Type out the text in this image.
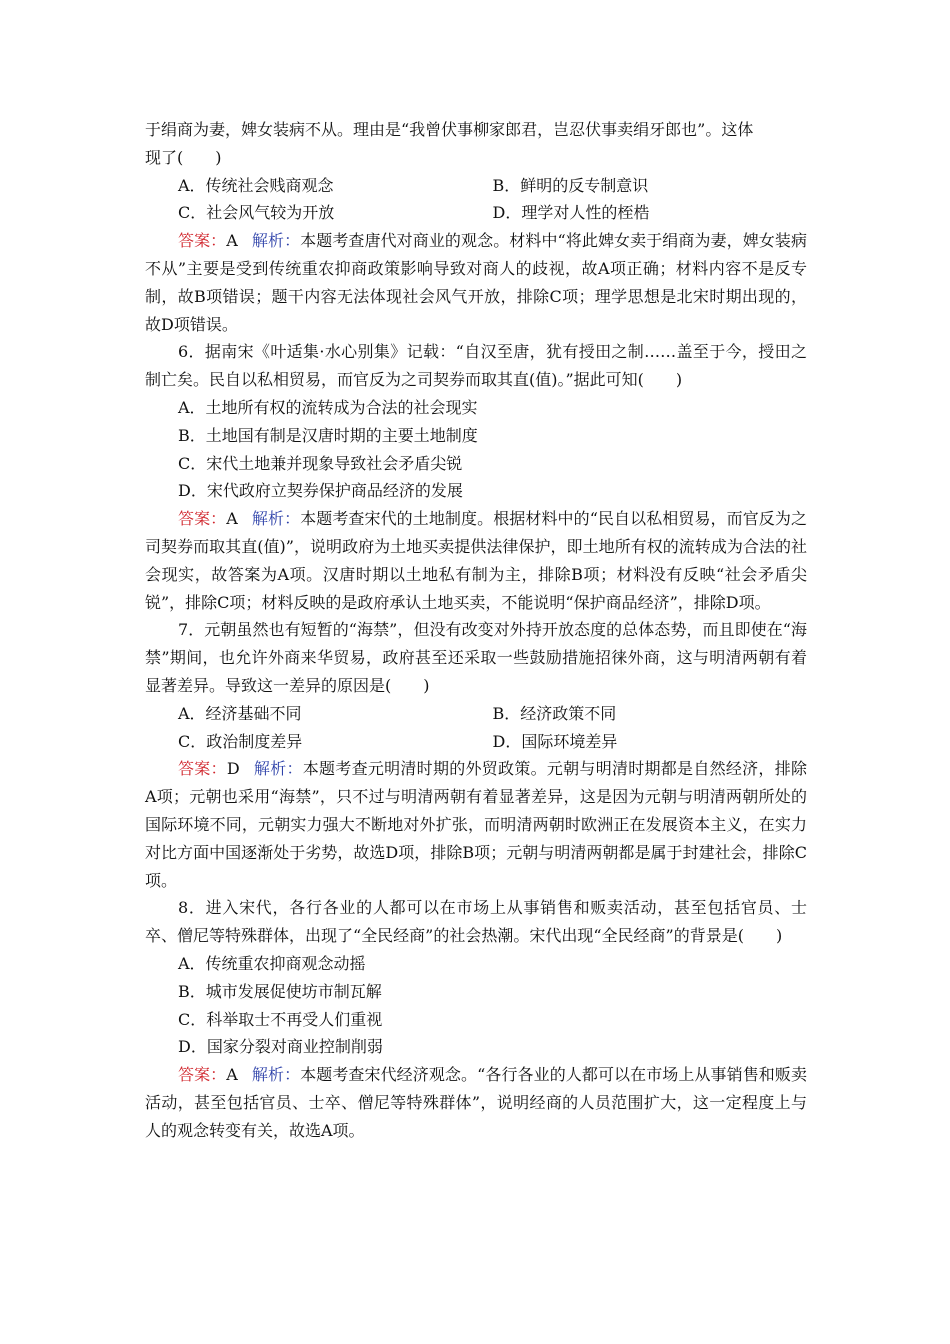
于绢商为妻，婢女装病不从。理由是“我曾伏事柳家郎君，岂忍伏事卖绢牙郎也”。这体

现了(　　)

A．传统社会贱商观念	B．鲜明的反专制意识
C．社会风气较为开放	D．理学对人性的桎梏

答案：A 解析：本题考查唐代对商业的观念。材料中“将此婢女卖于绢商为妻，婢女装病不从”主要是受到传统重农抑商政策影响导致对商人的歧视，故A项正确；材料内容不是反专制，故B项错误；题干内容无法体现社会风气开放，排除C项；理学思想是北宋时期出现的，故D项错误。

6．据南宋《叶适集·水心别集》记载：“自汉至唐，犹有授田之制……盖至于今，授田之制亡矣。民自以私相贸易，而官反为之司契券而取其直(值)。”据此可知(　　)

A．土地所有权的流转成为合法的社会现实

B．土地国有制是汉唐时期的主要土地制度

C．宋代土地兼并现象导致社会矛盾尖锐

D．宋代政府立契券保护商品经济的发展

答案：A 解析：本题考查宋代的土地制度。根据材料中的“民自以私相贸易，而官反为之司契券而取其直(值)”，说明政府为土地买卖提供法律保护，即土地所有权的流转成为合法的社会现实，故答案为A项。汉唐时期以土地私有制为主，排除B项；材料没有反映“社会矛盾尖锐”，排除C项；材料反映的是政府承认土地买卖，不能说明“保护商品经济”，排除D项。

7．元朝虽然也有短暂的“海禁”，但没有改变对外持开放态度的总体态势，而且即使在“海禁”期间，也允许外商来华贸易，政府甚至还采取一些鼓励措施招徕外商，这与明清两朝有着显著差异。导致这一差异的原因是(　　)

A．经济基础不同	B．经济政策不同
C．政治制度差异	D．国际环境差异

答案：D 解析：本题考查元明清时期的外贸政策。元朝与明清时期都是自然经济，排除A项；元朝也采用“海禁”，只不过与明清两朝有着显著差异，这是因为元朝与明清两朝所处的国际环境不同，元朝实力强大不断地对外扩张，而明清两朝时欧洲正在发展资本主义，在实力对比方面中国逐渐处于劣势，故选D项，排除B项；元朝与明清两朝都是属于封建社会，排除C项。

8．进入宋代，各行各业的人都可以在市场上从事销售和贩卖活动，甚至包括官员、士卒、僧尼等特殊群体，出现了“全民经商”的社会热潮。宋代出现“全民经商”的背景是(　　)

A．传统重农抑商观念动摇

B．城市发展促使坊市制瓦解

C．科举取士不再受人们重视

D．国家分裂对商业控制削弱

答案：A 解析：本题考查宋代经济观念。“各行各业的人都可以在市场上从事销售和贩卖活动，甚至包括官员、士卒、僧尼等特殊群体”，说明经商的人员范围扩大，这一定程度上与人的观念转变有关，故选A项。
